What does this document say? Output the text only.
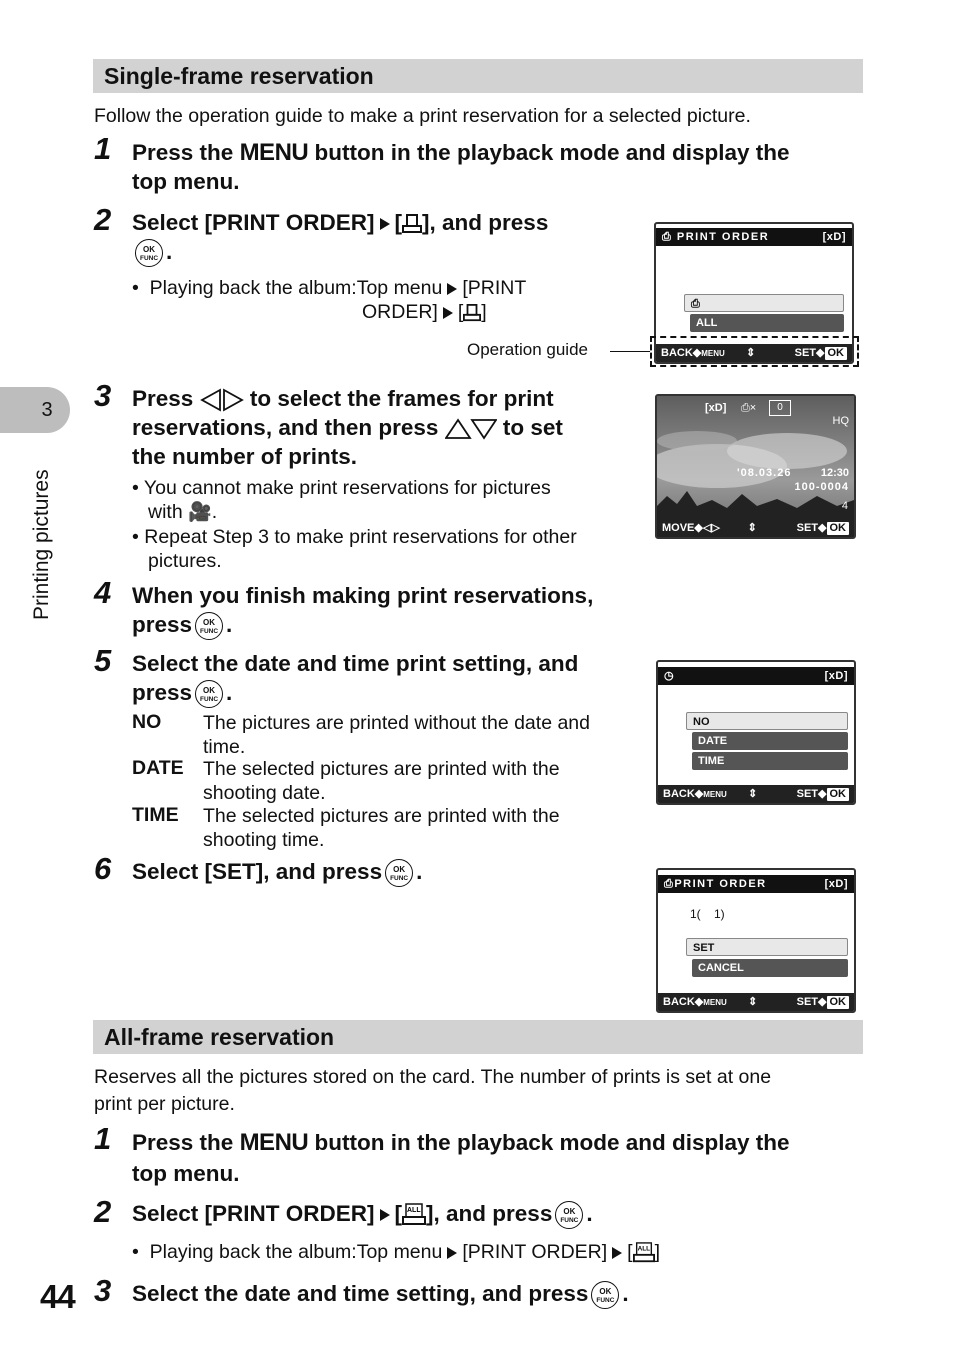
3
Printing pictures
Single-frame reservation
Follow the operation guide to make a print reservation for a selected picture.
1 Press the MENU button in the playback mode and display the
top menu.
2 Select [PRINT ORDER] [ ], and press
OK
FUNC .
•  Playing back the album:Top menu [PRINT
ORDER] [ ]
Operation guide
⎙ PRINT ORDER	[xD]
⎙
ALL
BACK◆MENU ⇕	SET◆ OK
3 Press	to select the frames for print
reservations, and then press	to set
the number of prints.
• You cannot make print reservations for pictures
with 🎥.
• Repeat Step 3 to make print reservations for other
pictures.
[xD] ⎙×	0
HQ
'08.03.26	12:30
100-0004
4
MOVE◆◁▷	⇕	SET◆ OK
4 When you finish making print reservations,
press OK
FUNC .
5 Select the date and time print setting, and
press OK
FUNC .
NO The pictures are printed without the date and
time.
DATE The selected pictures are printed with the
shooting date.
TIME The selected pictures are printed with the
shooting time.
◷	[xD]
NO
DATE
TIME
BACK◆MENU ⇕	SET◆ OK
6 Select [SET], and press OK
FUNC .	⎙PRINT ORDER	[xD]
1(    1)
SET
CANCEL
BACK◆MENU ⇕	SET◆ OK
All-frame reservation
Reserves all the pictures stored on the card. The number of prints is set at one
print per picture.
1 Press the MENU button in the playback mode and display the
top menu.
2 Select [PRINT ORDER] [ ALL ], and press OK
FUNC .
•  Playing back the album:Top menu [PRINT ORDER] [ ALL ]
3 Select the date and time setting, and press OK
FUNC .
44
